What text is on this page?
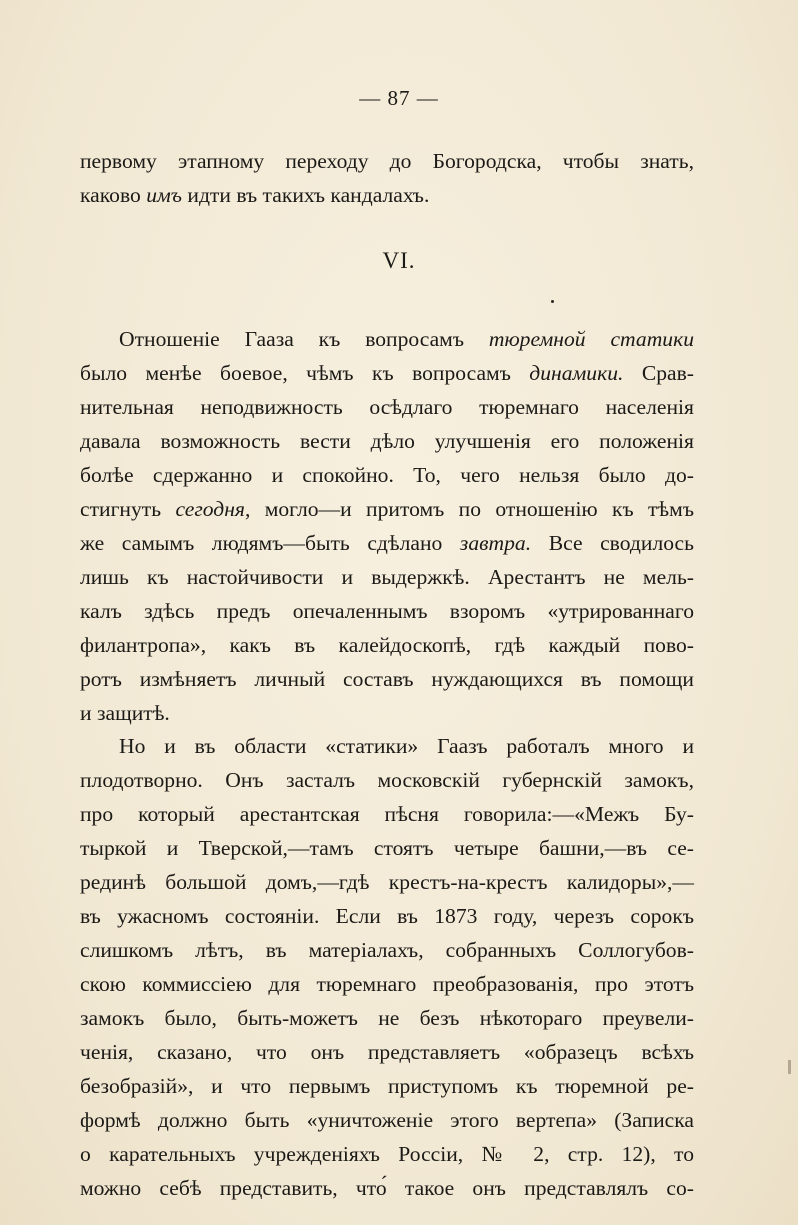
— 87 —
первому этапному переходу до Богородска, чтобы знать,
каково имъ идти въ такихъ кандалахъ.
VI.
Отношеніе Гааза къ вопросамъ тюремной статики
было менѣе боевое, чѣмъ къ вопросамъ динамики. Срав-
нительная неподвижность осѣдлаго тюремнаго населенія
давала возможность вести дѣло улучшенія его положенія
болѣе сдержанно и спокойно. То, чего нельзя было до-
стигнуть сегодня, могло—и притомъ по отношенію къ тѣмъ
же самымъ людямъ—быть сдѣлано завтра. Все сводилось
лишь къ настойчивости и выдержкѣ. Арестантъ не мель-
калъ здѣсь предъ опечаленнымъ взоромъ «утрированнаго
филантропа», какъ въ калейдоскопѣ, гдѣ каждый пово-
ротъ измѣняетъ личный составъ нуждающихся въ помощи
и защитѣ.
Но и въ области «статики» Гаазъ работалъ много и
плодотворно. Онъ засталъ московскій губернскій замокъ,
про который арестантская пѣсня говорила:—«Межъ Бу-
тыркой и Тверской,—тамъ стоятъ четыре башни,—въ се-
рединѣ большой домъ,—гдѣ крестъ-на-крестъ калидоры»,—
въ ужасномъ состояніи. Если въ 1873 году, черезъ сорокъ
слишкомъ лѣтъ, въ матеріалахъ, собранныхъ Соллогубов-
скою коммиссіею для тюремнаго преобразованія, про этотъ
замокъ было, быть-можетъ не безъ нѣкотораго преувели-
ченія, сказано, что онъ представляетъ «образецъ всѣхъ
безобразій», и что первымъ приступомъ къ тюремной ре-
формѣ должно быть «уничтоженіе этого вертепа» (Записка
о карательныхъ учрежденіяхъ Россіи, № 2, стр. 12), то
можно себѣ представить, что́ такое онъ представлялъ со-
